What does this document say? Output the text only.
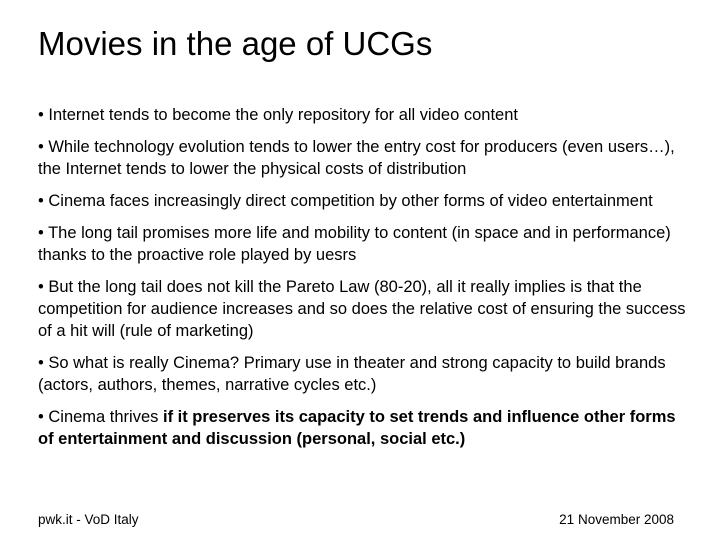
Movies in the age of UCGs
• Internet tends to become the only repository for all video content
• While technology evolution tends to lower the entry cost for producers (even users…), the Internet tends to lower the physical costs of distribution
• Cinema faces increasingly direct competition by other forms of video entertainment
• The long tail promises more life and mobility to content (in space and in performance) thanks to the proactive role played by uesrs
• But the long tail does not kill the Pareto Law (80-20), all it really implies is that the competition for audience increases and so does the relative cost of ensuring the success of a hit will (rule of marketing)
• So what is really Cinema? Primary use in theater and strong capacity to build brands (actors, authors, themes, narrative cycles etc.)
• Cinema thrives if it preserves its capacity to set trends and influence other forms of entertainment and discussion (personal, social etc.)
pwk.it - VoD Italy	21 November 2008
